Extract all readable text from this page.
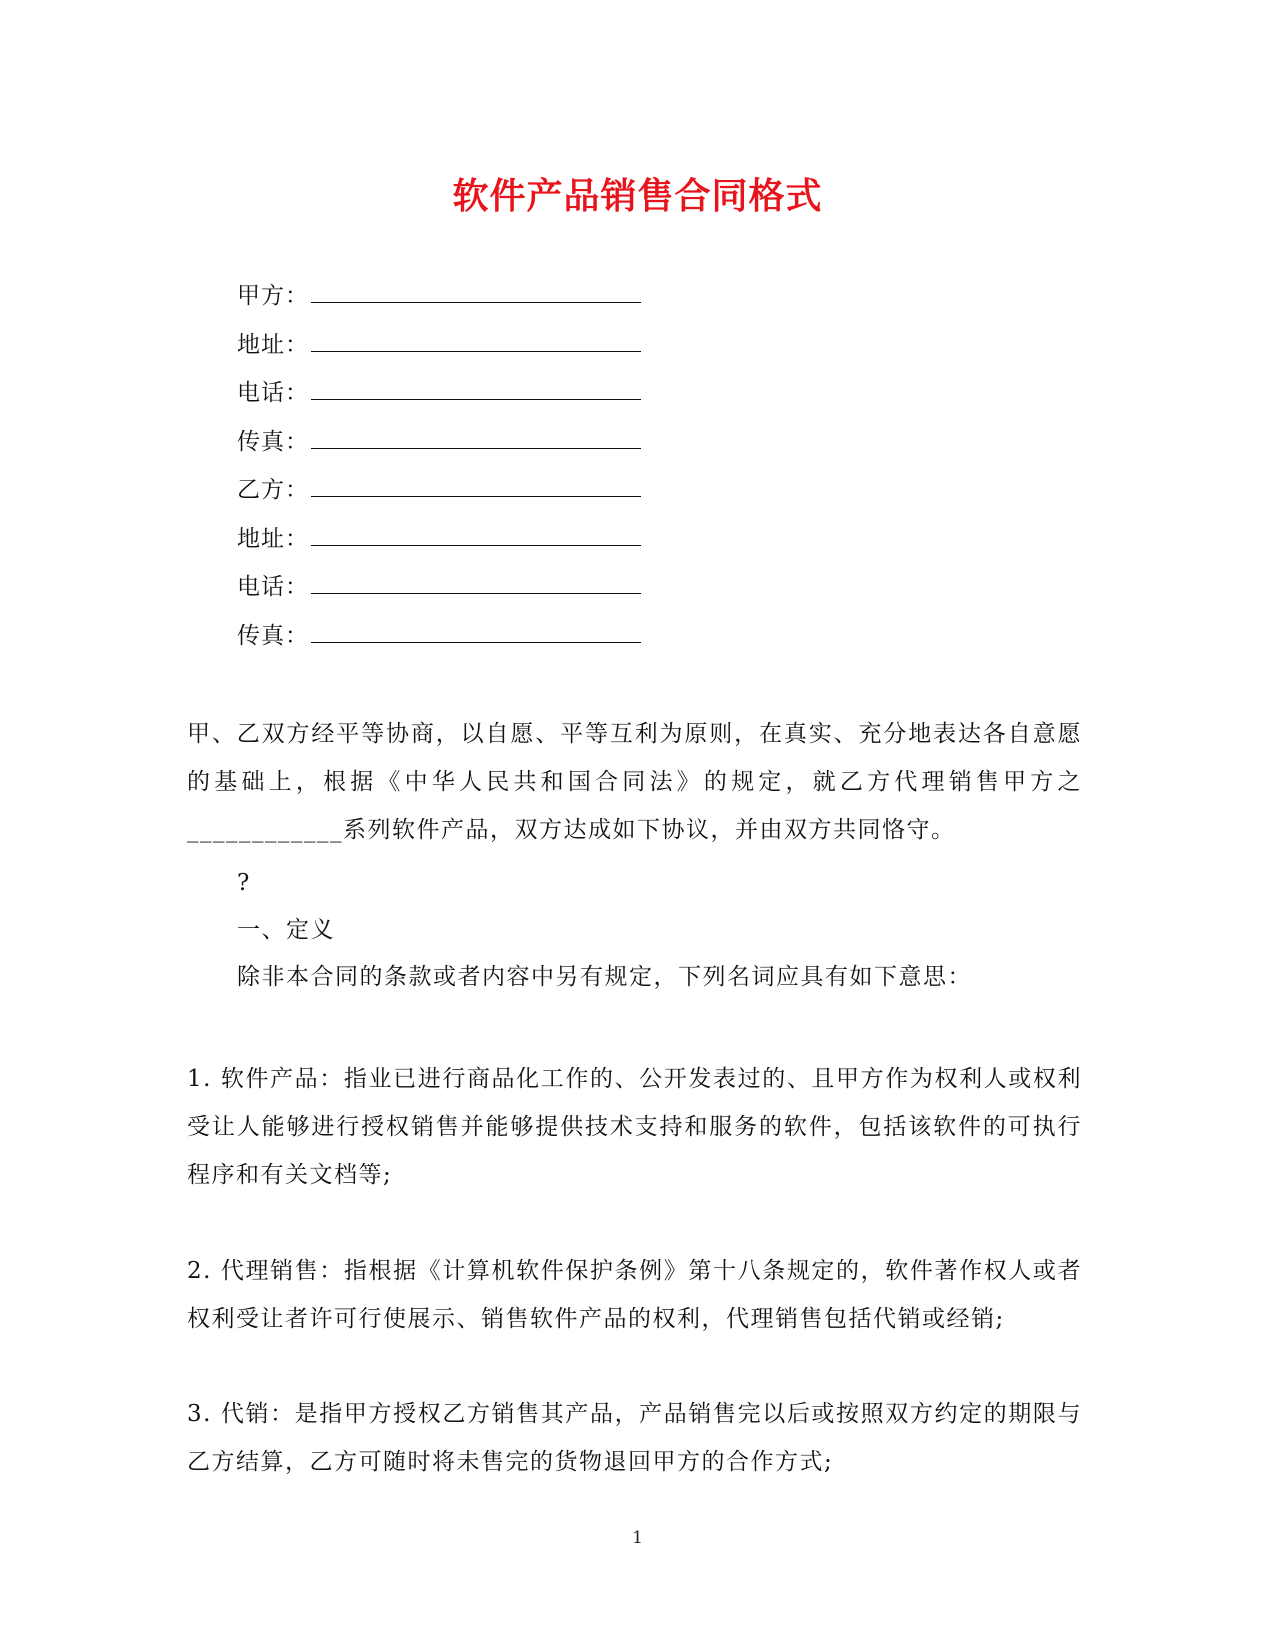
软件产品销售合同格式
甲方：
地址：
电话：
传真：
乙方：
地址：
电话：
传真：
甲、乙双方经平等协商，以自愿、平等互利为原则，在真实、充分地表达各自意愿的基础上，根据《中华人民共和国合同法》的规定，就乙方代理销售甲方之____________系列软件产品，双方达成如下协议，并由双方共同恪守。
?
一、定义
除非本合同的条款或者内容中另有规定，下列名词应具有如下意思：
1. 软件产品：指业已进行商品化工作的、公开发表过的、且甲方作为权利人或权利受让人能够进行授权销售并能够提供技术支持和服务的软件，包括该软件的可执行程序和有关文档等;
2. 代理销售：指根据《计算机软件保护条例》第十八条规定的，软件著作权人或者权利受让者许可行使展示、销售软件产品的权利，代理销售包括代销或经销;
3. 代销：是指甲方授权乙方销售其产品，产品销售完以后或按照双方约定的期限与乙方结算，乙方可随时将未售完的货物退回甲方的合作方式;
1
